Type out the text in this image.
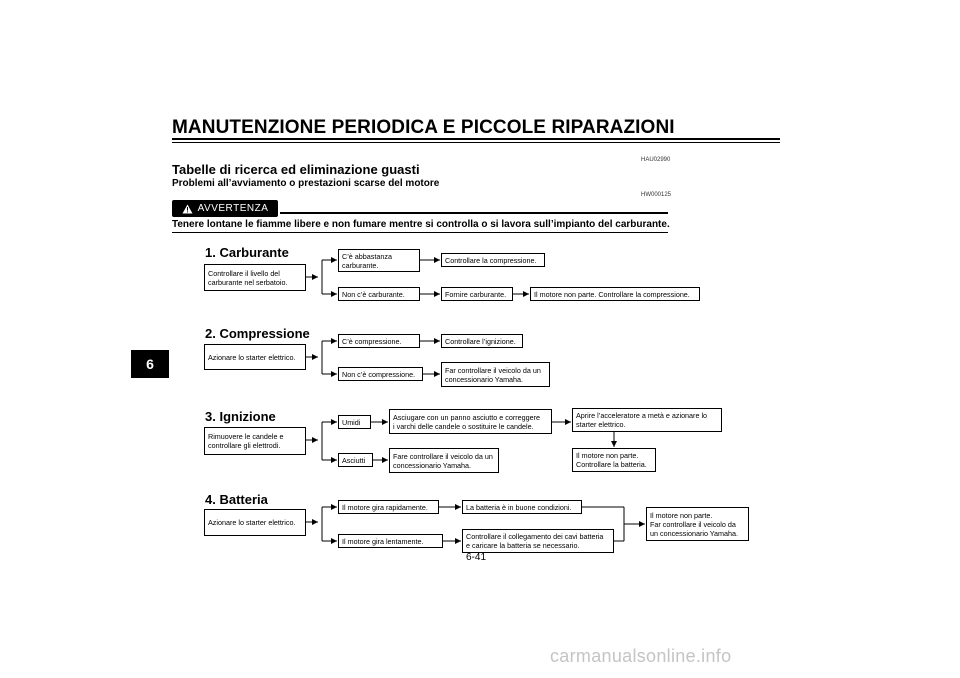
MANUTENZIONE PERIODICA E PICCOLE RIPARAZIONI
HAU02990
Tabelle di ricerca ed eliminazione guasti
Problemi all’avviamento o prestazioni scarse del motore
HW000125
AVVERTENZA
Tenere lontane le fiamme libere e non fumare mentre si controlla o si lavora sull’impianto del carburante.
6
1. Carburante
Controllare il livello del
carburante nel serbatoio.
C’è abbastanza
carburante.
Non c’è carburante.
Controllare la compressione.
Fornire carburante.	Il motore non parte. Controllare la compressione.
2. Compressione
Azionare lo starter elettrico.
C’è compressione.
Non c’è compressione.
Controllare l’ignizione.
Far controllare il veicolo da un
concessionario Yamaha.
3. Ignizione
Rimuovere le candele e
controllare gli elettrodi.
Umidi
Asciutti
Asciugare con un panno asciutto e correggere
i varchi delle candele o sostituire le candele.
Fare controllare il veicolo da un
concessionario Yamaha.
Aprire l’acceleratore a metà e azionare lo
starter elettrico.
Il motore non parte.
Controllare la batteria.
4. Batteria
Azionare lo starter elettrico.
Il motore gira rapidamente.
Il motore gira lentamente.
La batteria è in buone condizioni.
Controllare il collegamento dei cavi batteria
e caricare la batteria se necessario.
Il motore non parte.
Far controllare il veicolo da
un concessionario Yamaha.
6-41
carmanualsonline.info
